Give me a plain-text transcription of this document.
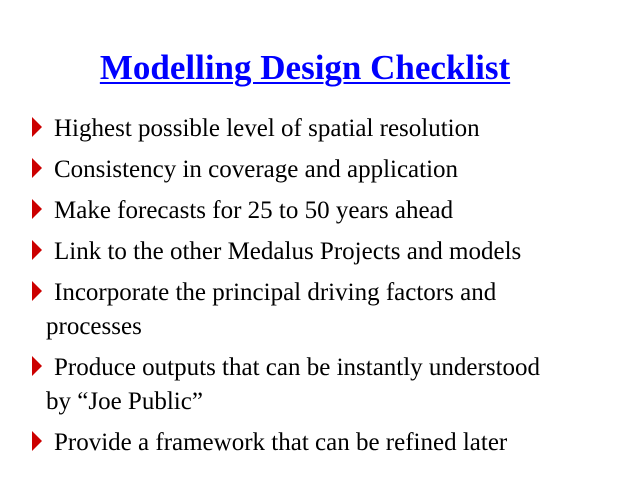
Modelling Design Checklist
Highest possible level of spatial resolution
Consistency in coverage and application
Make forecasts for 25 to 50 years ahead
Link to the other Medalus Projects and models
Incorporate the principal driving factors and
processes
Produce outputs that can be instantly understood
by “Joe Public”
Provide a framework that can be refined later
